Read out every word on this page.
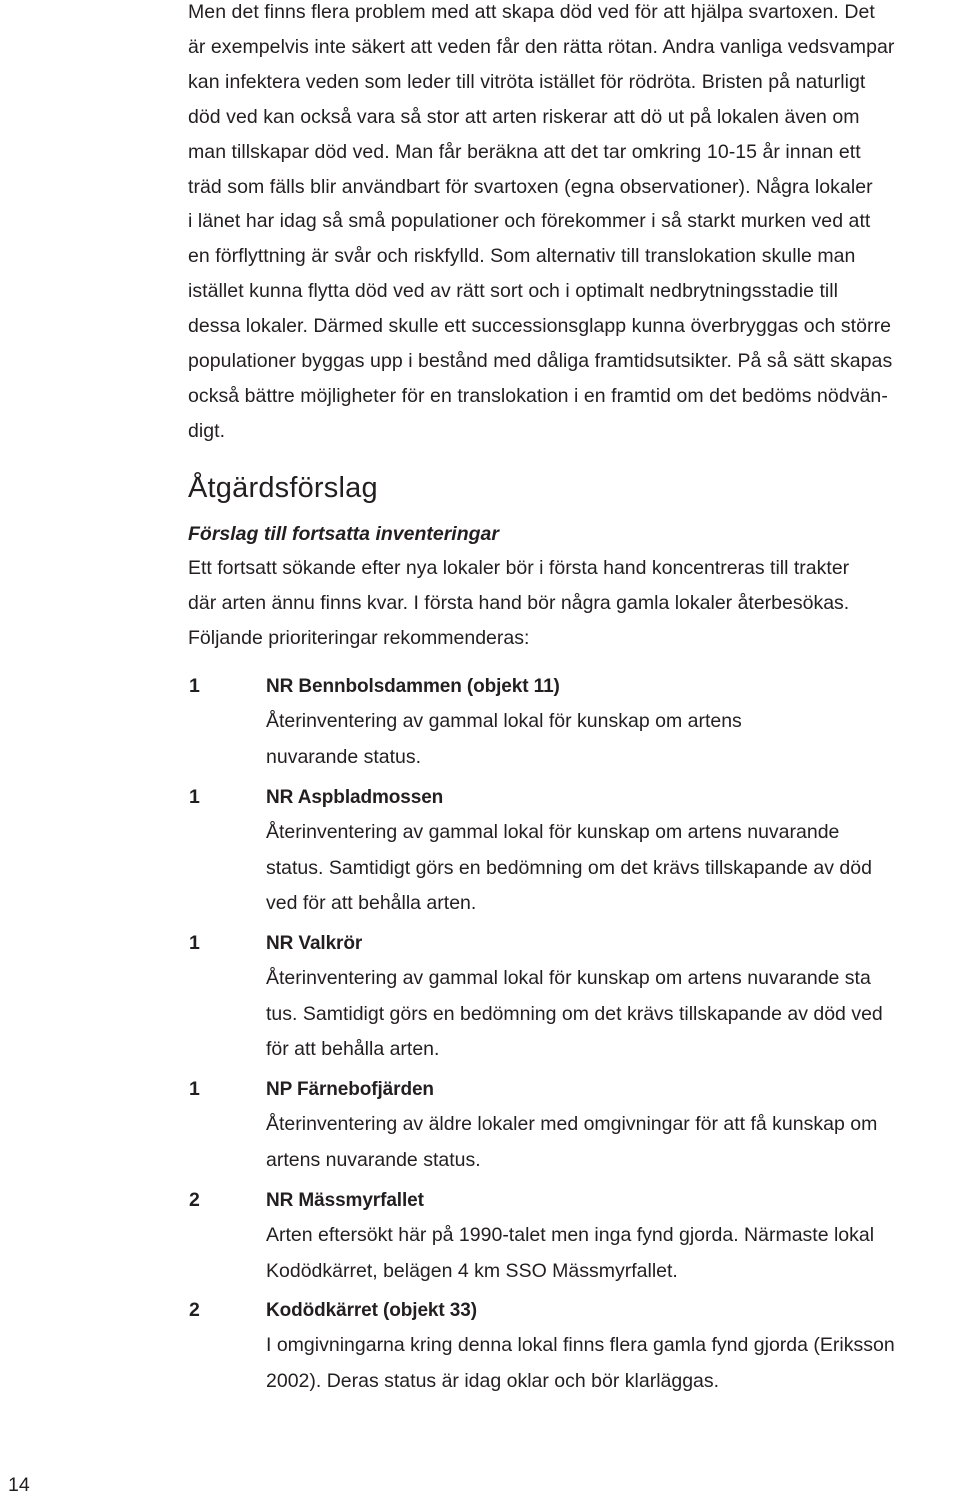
Men det finns flera problem med att skapa död ved för att hjälpa svartoxen. Det
är exempelvis inte säkert att veden får den rätta rötan. Andra vanliga vedsvampar
kan infektera veden som leder till vitröta istället för rödröta. Bristen på naturligt
död ved kan också vara så stor att arten riskerar att dö ut på lokalen även om
man tillskapar död ved. Man får beräkna att det tar omkring 10-15 år innan ett
träd som fälls blir användbart för svartoxen (egna observationer). Några lokaler
i länet har idag så små populationer och förekommer i så starkt murken ved att
en förflyttning är svår och riskfylld. Som alternativ till translokation skulle man
istället kunna flytta död ved av rätt sort och i optimalt nedbrytningsstadie till
dessa lokaler. Därmed skulle ett successionsglapp kunna överbryggas och större
populationer byggas upp i bestånd med dåliga framtidsutsikter. På så sätt skapas
också bättre möjligheter för en translokation i en framtid om det bedöms nödvän-
digt.

Åtgärdsförslag
Förslag till fortsatta inventeringar

Ett fortsatt sökande efter nya lokaler bör i första hand koncentreras till trakter
där arten ännu finns kvar. I första hand bör några gamla lokaler återbesökas.
Följande prioriteringar rekommenderas:

1	NR Bennbolsdammen (objekt 11)

Återinventering av gammal lokal för kunskap om artens
nuvarande status.

1	NR Aspbladmossen

Återinventering av gammal lokal för kunskap om artens nuvarande
status. Samtidigt görs en bedömning om det krävs tillskapande av död
ved för att behålla arten.

1	NR Valkrör

Återinventering av gammal lokal för kunskap om artens nuvarande sta
tus. Samtidigt görs en bedömning om det krävs tillskapande av död ved
för att behålla arten.

1	NP Färnebofjärden

Återinventering av äldre lokaler med omgivningar för att få kunskap om
artens nuvarande status.

2	NR Mässmyrfallet

Arten eftersökt här på 1990-talet men inga fynd gjorda. Närmaste lokal
Kodödkärret, belägen 4 km SSO Mässmyrfallet.

2	Kodödkärret (objekt 33)

I omgivningarna kring denna lokal finns flera gamla fynd gjorda (Eriksson
2002). Deras status är idag oklar och bör klarläggas.

14
